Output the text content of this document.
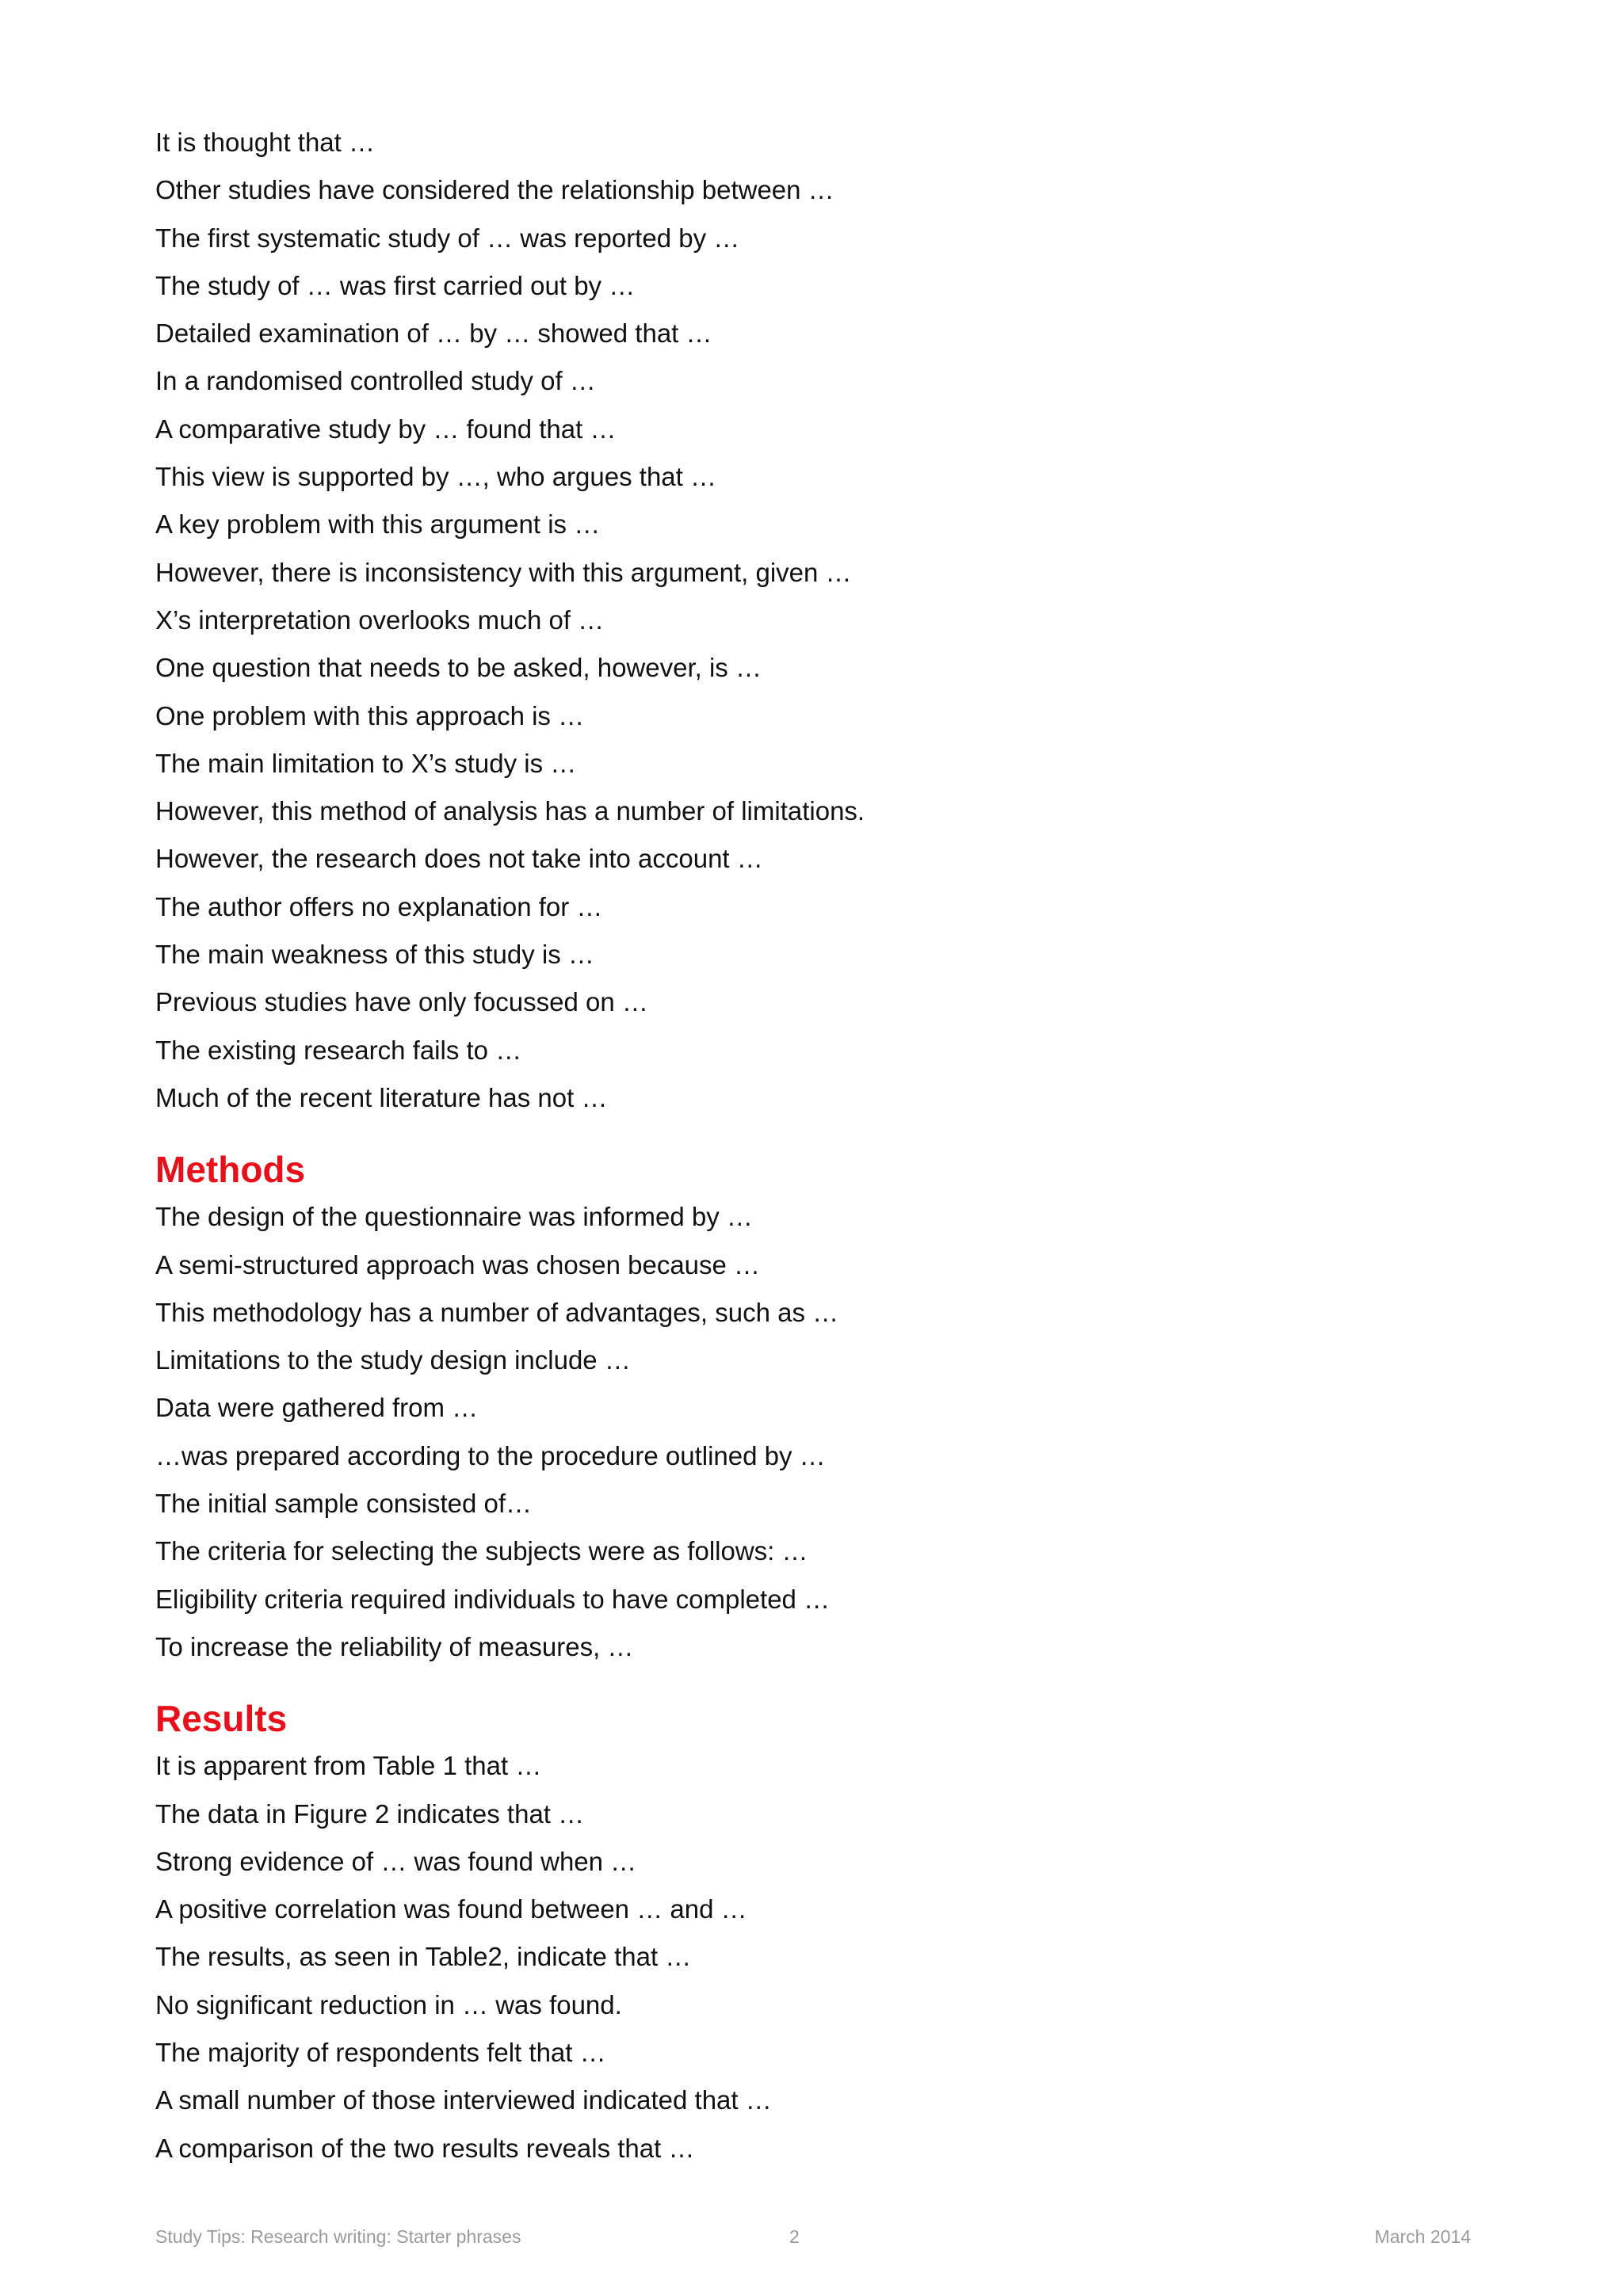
It is thought that …

Other studies have considered the relationship between …

The first systematic study of … was reported by …

The study of … was first carried out by …

Detailed examination of … by … showed that …

In a randomised controlled study of …

A comparative study by … found that …

This view is supported by …, who argues that …

A key problem with this argument is …

However, there is inconsistency with this argument, given …

X’s interpretation overlooks much of …

One question that needs to be asked, however, is …

One problem with this approach is …

The main limitation to X’s study is …

However, this method of analysis has a number of limitations.

However, the research does not take into account …

The author offers no explanation for …

The main weakness of this study is …

Previous studies have only focussed on …

The existing research fails to …

Much of the recent literature has not …

Methods

The design of the questionnaire was informed by …

A semi-structured approach was chosen because …

This methodology has a number of advantages, such as …

Limitations to the study design include …

Data were gathered from …

…was prepared according to the procedure outlined by …

The initial sample consisted of…

The criteria for selecting the subjects were as follows: …

Eligibility criteria required individuals to have completed …

To increase the reliability of measures, …

Results

It is apparent from Table 1 that …

The data in Figure 2 indicates that …

Strong evidence of … was found when …

A positive correlation was found between … and …

The results, as seen in Table2, indicate that …

No significant reduction in … was found.

The majority of respondents felt that …

A small number of those interviewed indicated that …

A comparison of the two results reveals that …

Study Tips: Research writing: Starter phrases	2	March 2014
